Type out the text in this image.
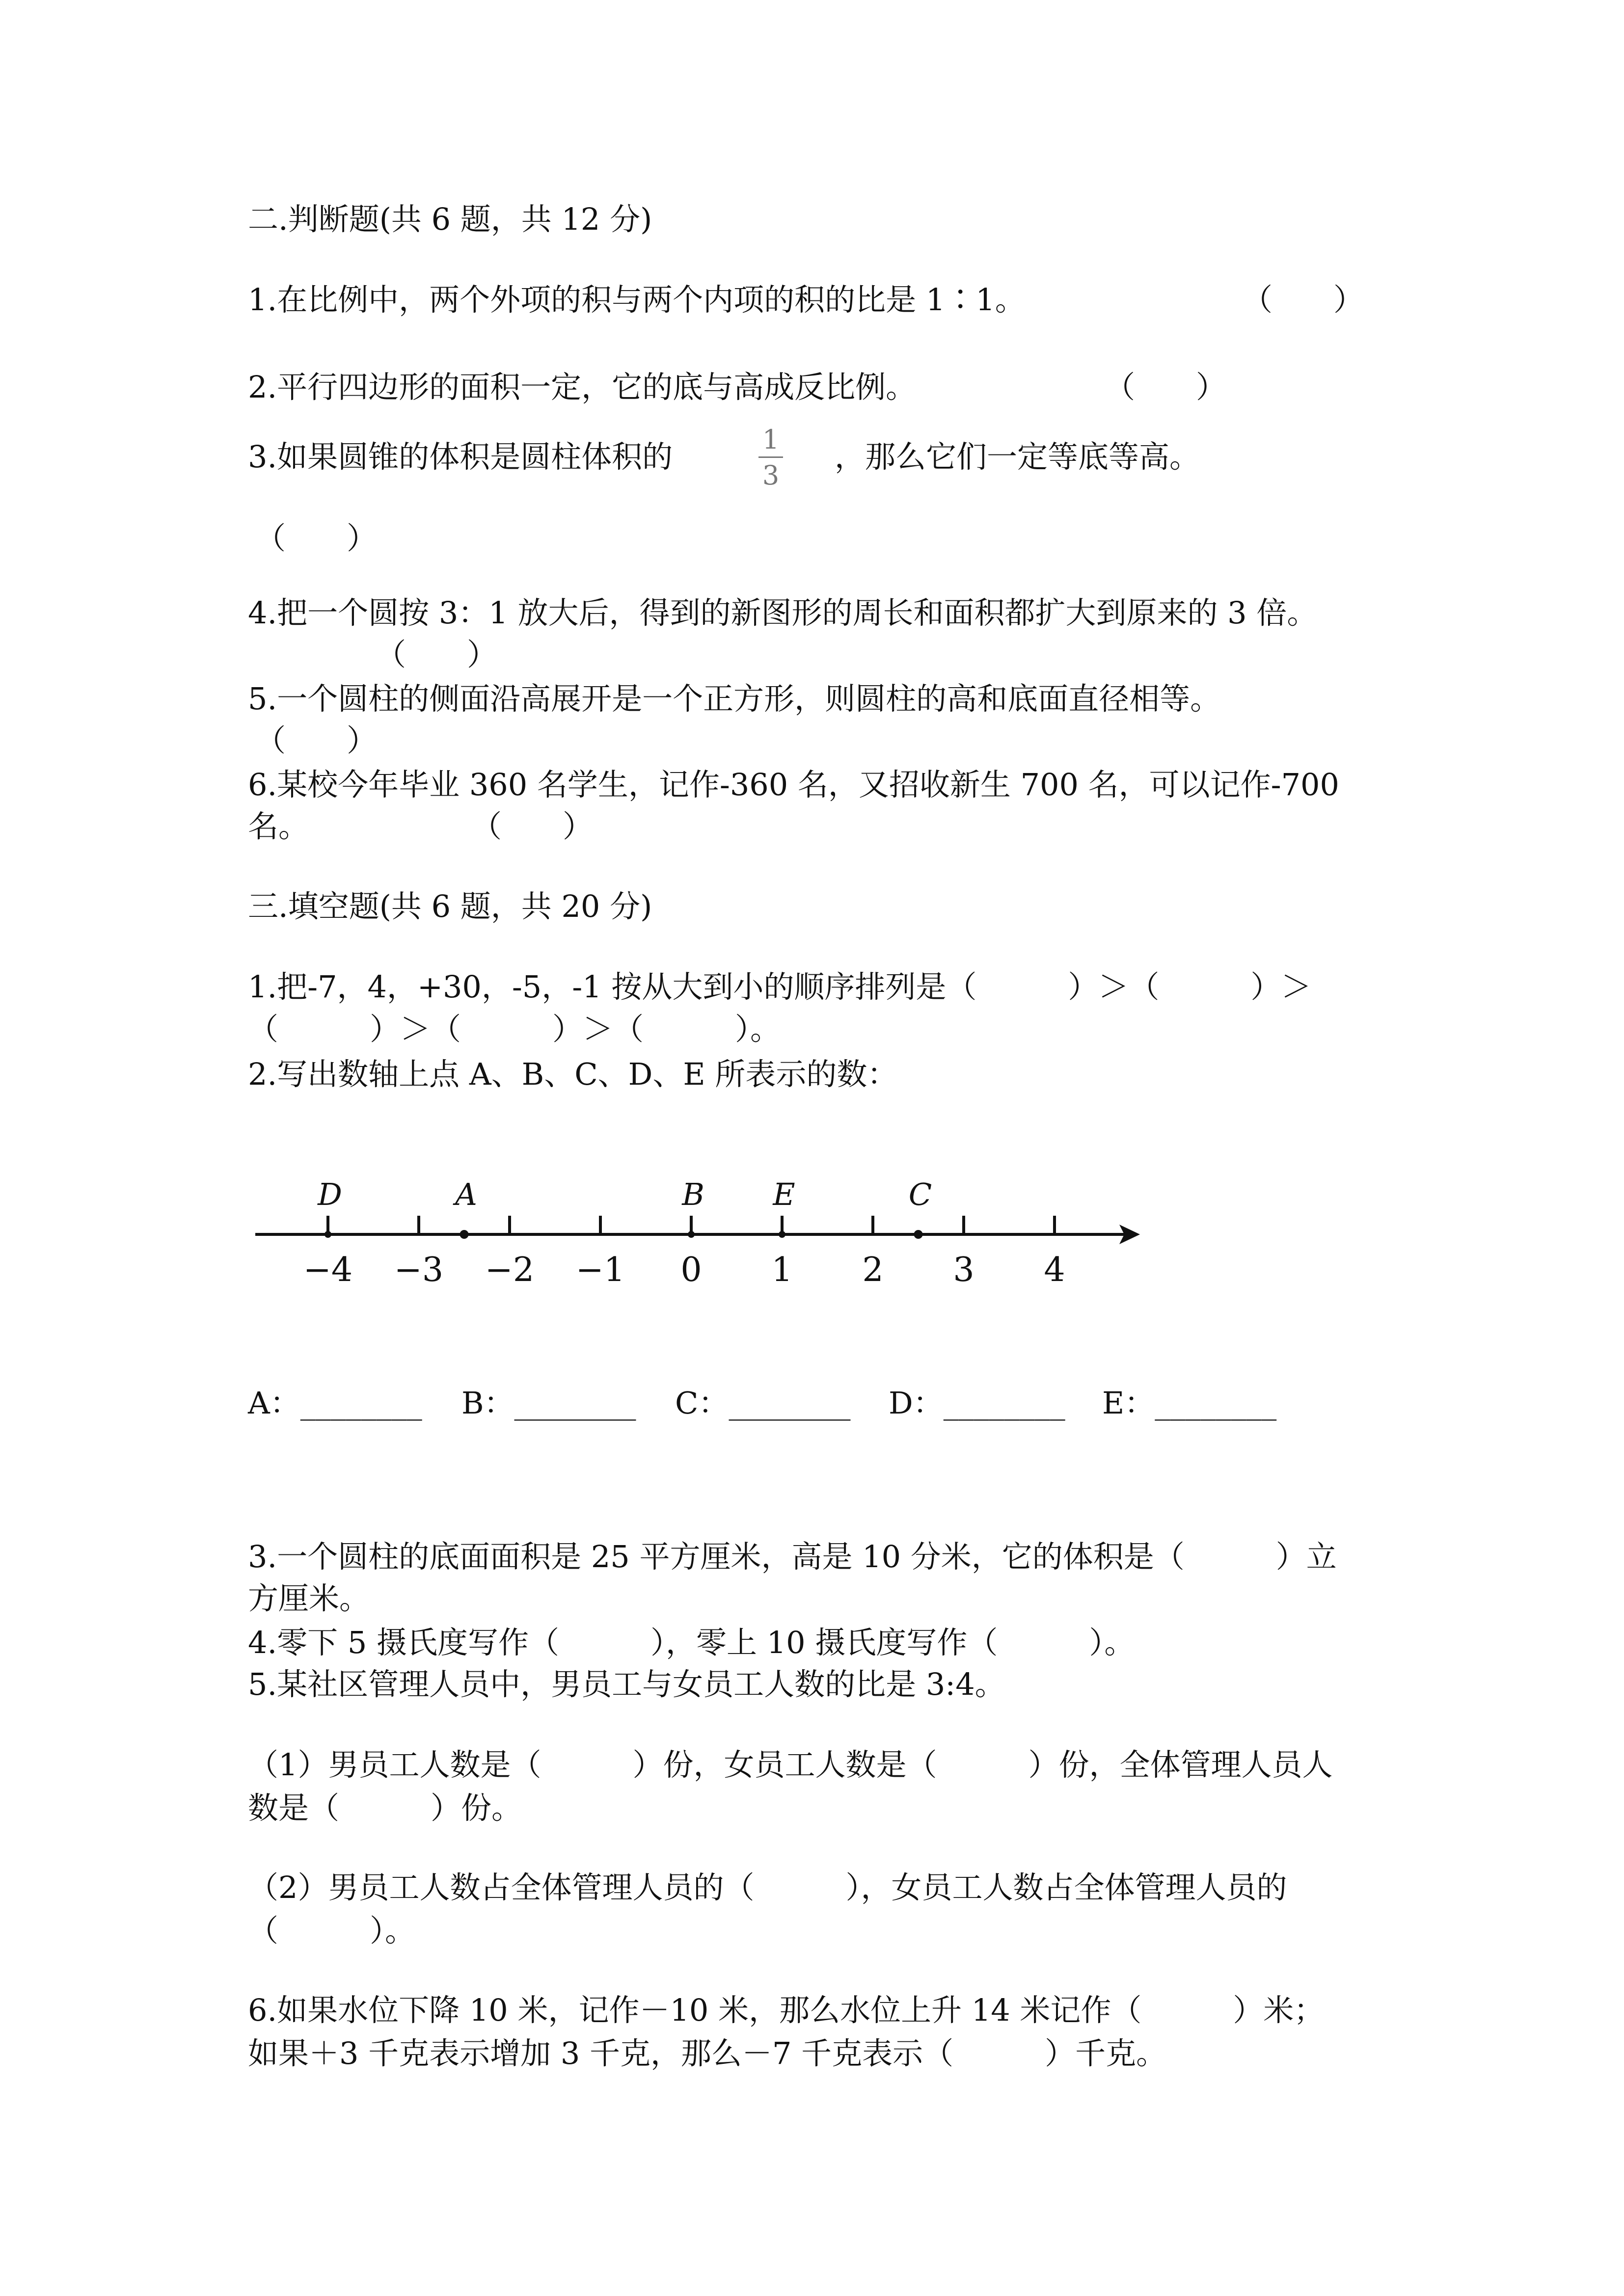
二.判断题(共 6 题，共 12 分)

1.在比例中，两个外项的积与两个内项的积的比是 1∶1。	（　　）

2.平行四边形的面积一定，它的底与高成反比例。	（　　）

3.如果圆锥的体积是圆柱体积的	1
3

，那么它们一定等底等高。

（　　）

4.把一个圆按 3：1 放大后，得到的新图形的周长和面积都扩大到原来的 3 倍。

（　　）

5.一个圆柱的侧面沿高展开是一个正方形，则圆柱的高和底面直径相等。

（　　）

6.某校今年毕业 360 名学生，记作-360 名，又招收新生 700 名，可以记作-700

名。	（　　）

三.填空题(共 6 题，共 20 分)

1.把-7，4，+30，-5，-1 按从大到小的顺序排列是（　　　）＞（　　　）＞

（　　　）＞（　　　）＞（　　　）。

2.写出数轴上点 A、B、C、D、E 所表示的数：

−4 −3 −2 −1 0 1 2 3 4
D	A	B E	C

A：________ B：________ C：________ D：________ E：________

3.一个圆柱的底面面积是 25 平方厘米，高是 10 分米，它的体积是（　　　）立

方厘米。

4.零下 5 摄氏度写作（　　　），零上 10 摄氏度写作（　　　）。

5.某社区管理人员中，男员工与女员工人数的比是 3:4。

（1）男员工人数是（　　　）份，女员工人数是（　　　）份，全体管理人员人

数是（　　　）份。

（2）男员工人数占全体管理人员的（　　　），女员工人数占全体管理人员的

（　　　）。

6.如果水位下降 10 米，记作－10 米，那么水位上升 14 米记作（　　　）米；

如果＋3 千克表示增加 3 千克，那么－7 千克表示（　　　）千克。
